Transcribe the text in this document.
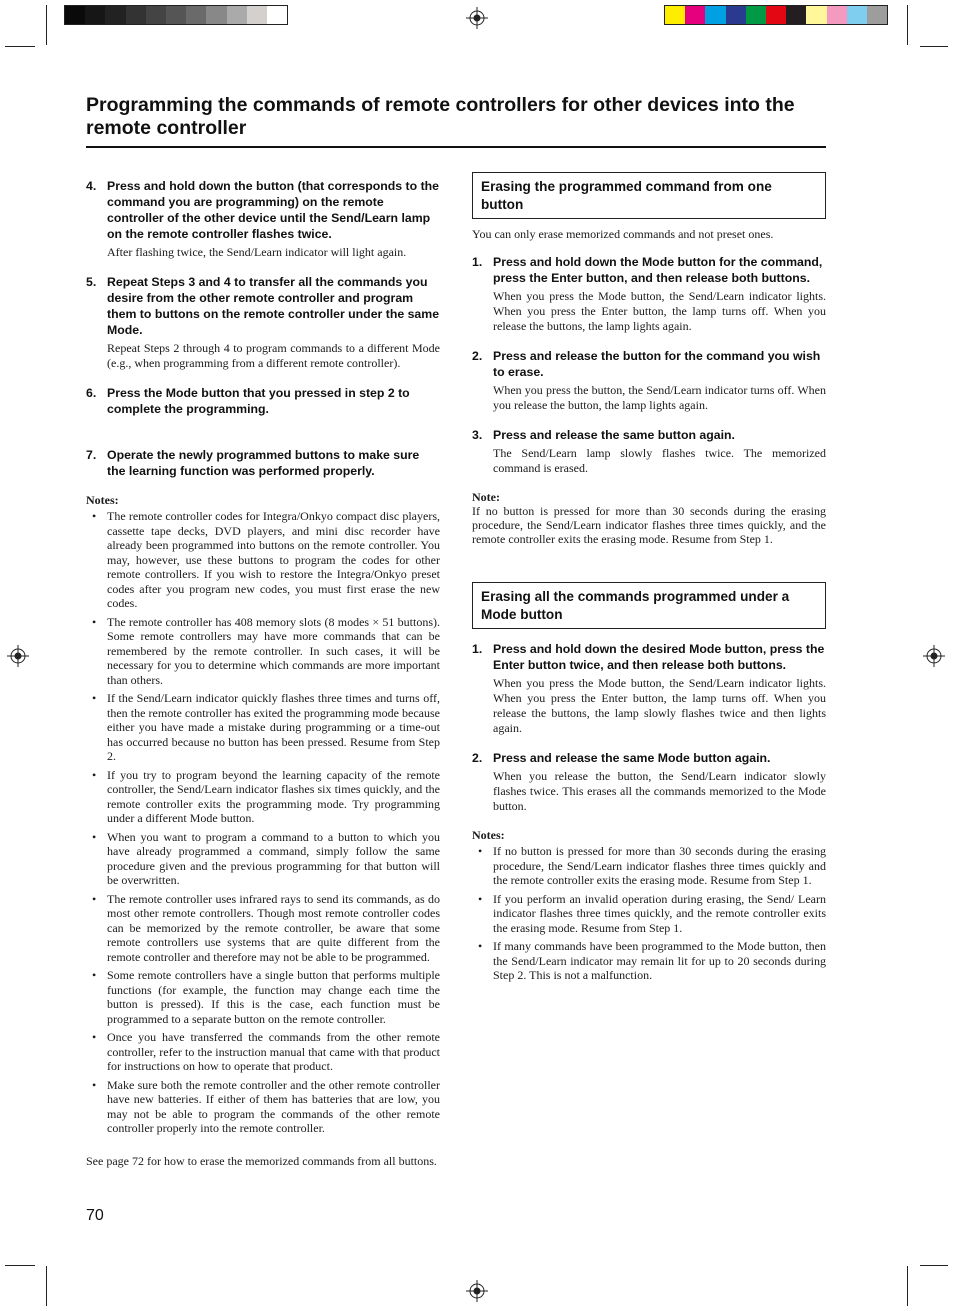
Programming the commands of remote controllers for other devices into the remote controller
4. Press and hold down the button (that corresponds to the command you are programming) on the remote controller of the other device until the Send/Learn lamp on the remote controller flashes twice.
After flashing twice, the Send/Learn indicator will light again.
5. Repeat Steps 3 and 4 to transfer all the commands you desire from the other remote controller and program them to buttons on the remote controller under the same Mode.
Repeat Steps 2 through 4 to program commands to a different Mode (e.g., when programming from a different remote controller).
6. Press the Mode button that you pressed in step 2 to complete the programming.
7. Operate the newly programmed buttons to make sure the learning function was performed properly.
Notes:
• The remote controller codes for Integra/Onkyo compact disc players, cassette tape decks, DVD players, and mini disc recorder have already been programmed into buttons on the remote controller. You may, however, use these buttons to program the codes for other remote controllers. If you wish to restore the Integra/Onkyo preset codes after you program new codes, you must first erase the new codes.
• The remote controller has 408 memory slots (8 modes × 51 buttons). Some remote controllers may have more commands that can be remembered by the remote controller. In such cases, it will be necessary for you to determine which commands are more important than others.
• If the Send/Learn indicator quickly flashes three times and turns off, then the remote controller has exited the programming mode because either you have made a mistake during programming or a time-out has occurred because no button has been pressed. Resume from Step 2.
• If you try to program beyond the learning capacity of the remote controller, the Send/Learn indicator flashes six times quickly, and the remote controller exits the programming mode. Try programming under a different Mode button.
• When you want to program a command to a button to which you have already programmed a command, simply follow the same procedure given and the previous programming for that button will be overwritten.
• The remote controller uses infrared rays to send its commands, as do most other remote controllers. Though most remote controller codes can be memorized by the remote controller, be aware that some remote controllers use systems that are quite different from the remote controller and therefore may not be able to be programmed.
• Some remote controllers have a single button that performs multiple functions (for example, the function may change each time the button is pressed). If this is the case, each function must be programmed to a separate button on the remote controller.
• Once you have transferred the commands from the other remote controller, refer to the instruction manual that came with that product for instructions on how to operate that product.
• Make sure both the remote controller and the other remote controller have new batteries. If either of them has batteries that are low, you may not be able to program the commands of the other remote controller properly into the remote controller.
See page 72 for how to erase the memorized commands from all buttons.
Erasing the programmed command from one button
You can only erase memorized commands and not preset ones.
1. Press and hold down the Mode button for the command, press the Enter button, and then release both buttons.
When you press the Mode button, the Send/Learn indicator lights. When you press the Enter button, the lamp turns off. When you release the buttons, the lamp lights again.
2. Press and release the button for the command you wish to erase.
When you press the button, the Send/Learn indicator turns off. When you release the button, the lamp lights again.
3. Press and release the same button again.
The Send/Learn lamp slowly flashes twice. The memorized command is erased.
Note:
If no button is pressed for more than 30 seconds during the erasing procedure, the Send/Learn indicator flashes three times quickly, and the remote controller exits the erasing mode. Resume from Step 1.
Erasing all the commands programmed under a Mode button
1. Press and hold down the desired Mode button, press the Enter button twice, and then release both buttons.
When you press the Mode button, the Send/Learn indicator lights. When you press the Enter button, the lamp turns off. When you release the buttons, the lamp slowly flashes twice and then lights again.
2. Press and release the same Mode button again.
When you release the button, the Send/Learn indicator slowly flashes twice. This erases all the commands memorized to the Mode button.
Notes:
• If no button is pressed for more than 30 seconds during the erasing procedure, the Send/Learn indicator flashes three times quickly and the remote controller exits the erasing mode. Resume from Step 1.
• If you perform an invalid operation during erasing, the Send/ Learn indicator flashes three times quickly, and the remote controller exits the erasing mode. Resume from Step 1.
• If many commands have been programmed to the Mode button, then the Send/Learn indicator may remain lit for up to 20 seconds during Step 2. This is not a malfunction.
70
